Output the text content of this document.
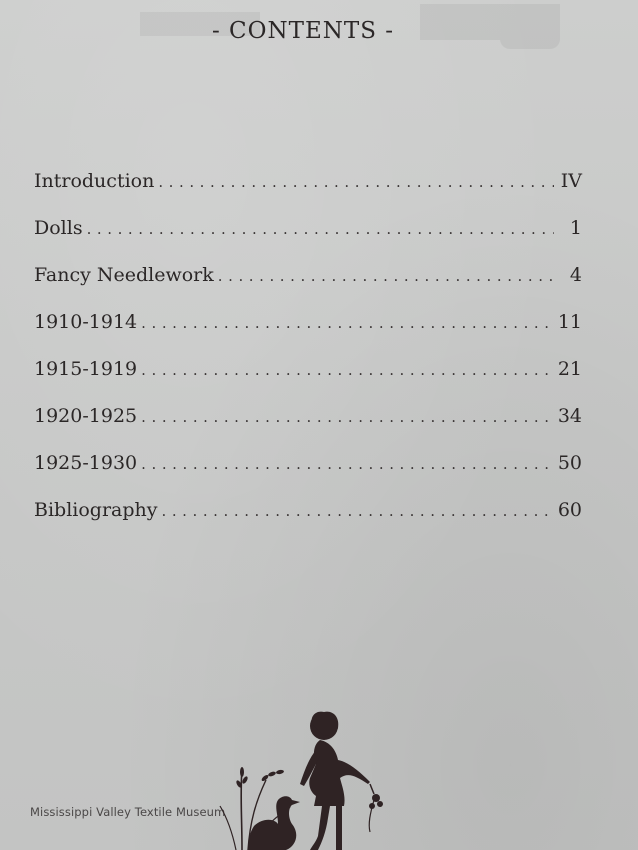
- CONTENTS -
Introduction . . .	IV
Dolls . . .	1
Fancy Needlework . . .	4
1910-1914 . . .	11
1915-1919 . . .	21
1920-1925 . . .	34
1925-1930 . . .	50
Bibliography . . .	60
Mississippi Valley Textile Museum
